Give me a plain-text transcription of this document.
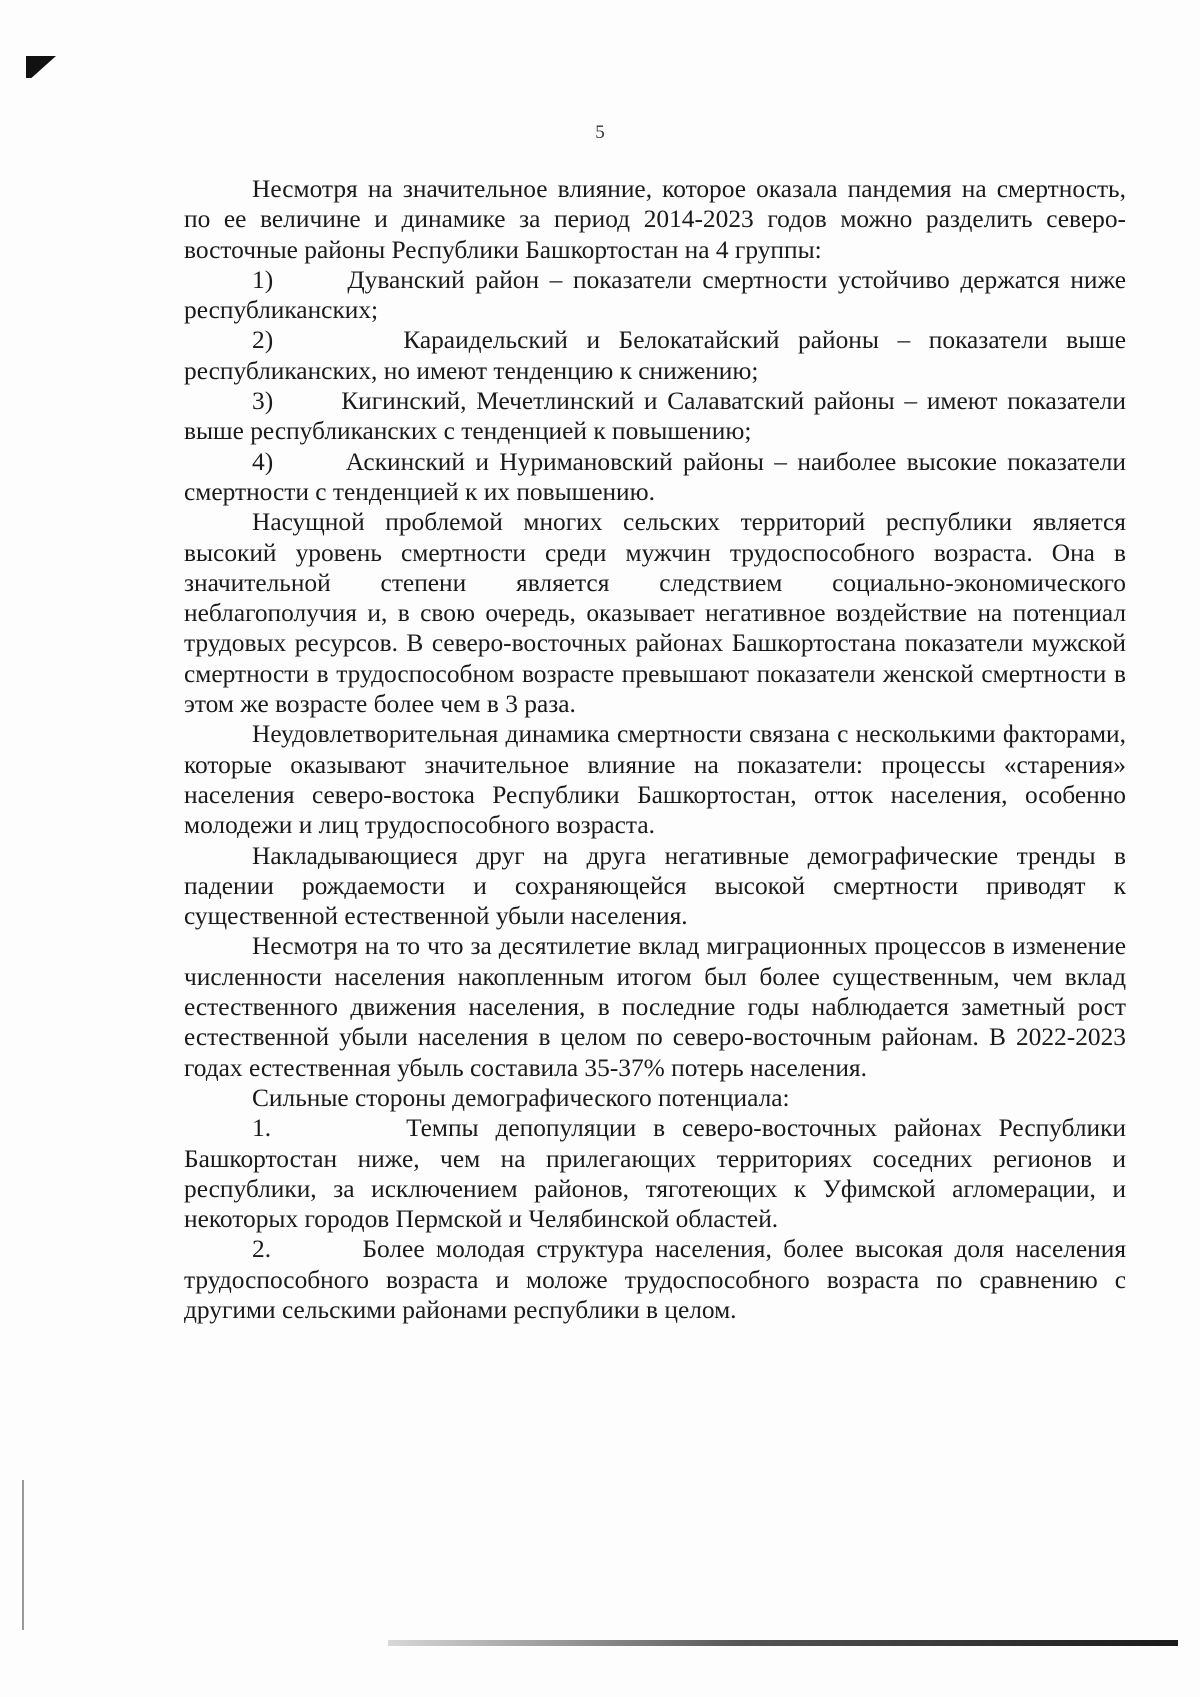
5

Несмотря на значительное влияние, которое оказала пандемия на смертность, по ее величине и динамике за период 2014-2023 годов можно разделить северо-восточные районы Республики Башкортостан на 4 группы:

1)	Дуванский район – показатели смертности устойчиво держатся ниже республиканских;

2)	Караидельский и Белокатайский районы – показатели выше республиканских, но имеют тенденцию к снижению;

3)	Кигинский, Мечетлинский и Салаватский районы – имеют показатели выше республиканских с тенденцией к повышению;

4)	Аскинский и Нуримановский районы – наиболее высокие показатели смертности с тенденцией к их повышению.

Насущной проблемой многих сельских территорий республики является высокий уровень смертности среди мужчин трудоспособного возраста. Она в значительной степени является следствием социально-экономического неблагополучия и, в свою очередь, оказывает негативное воздействие на потенциал трудовых ресурсов. В северо-восточных районах Башкортостана показатели мужской смертности в трудоспособном возрасте превышают показатели женской смертности в этом же возрасте более чем в 3 раза.

Неудовлетворительная динамика смертности связана с несколькими факторами, которые оказывают значительное влияние на показатели: процессы «старения» населения северо-востока Республики Башкортостан, отток населения, особенно молодежи и лиц трудоспособного возраста.

Накладывающиеся друг на друга негативные демографические тренды в падении рождаемости и сохраняющейся высокой смертности приводят к существенной естественной убыли населения.

Несмотря на то что за десятилетие вклад миграционных процессов в изменение численности населения накопленным итогом был более существенным, чем вклад естественного движения населения, в последние годы наблюдается заметный рост естественной убыли населения в целом по северо-восточным районам. В 2022-2023 годах естественная убыль составила 35-37% потерь населения.

Сильные стороны демографического потенциала:

1.	Темпы депопуляции в северо-восточных районах Республики Башкортостан ниже, чем на прилегающих территориях соседних регионов и республики, за исключением районов, тяготеющих к Уфимской агломерации, и некоторых городов Пермской и Челябинской областей.

2.	Более молодая структура населения, более высокая доля населения трудоспособного возраста и моложе трудоспособного возраста по сравнению с другими сельскими районами республики в целом.
